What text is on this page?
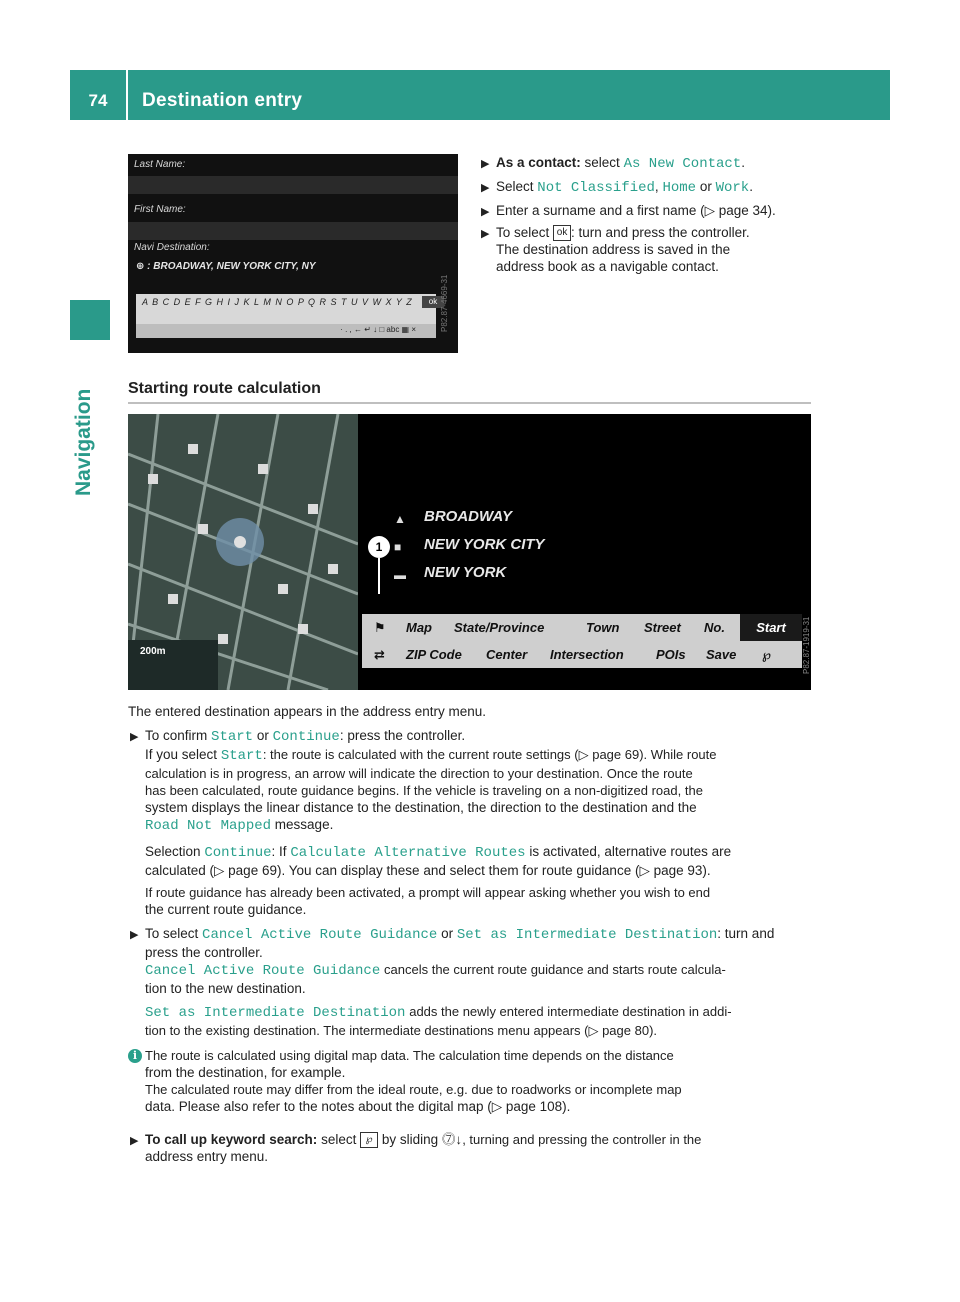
74	Destination entry
Navigation
Last Name:
First Name:
Navi Destination:
⊕ : BROADWAY, NEW YORK CITY, NY
A B C D E F G H I J K L M N O P Q R S T U V W X Y Z	ok
· . , ← ↵ ↓ □ abc ▦ ×	P82.87-4669-31
▶ As a contact: select As New Contact.
▶ Select Not Classified, Home or Work.
▶ Enter a surname and a first name (▷ page 34).
▶ To select ok : turn and press the controller.
The destination address is saved in the
address book as a navigable contact.
Starting route calculation
200m
▲ BROADWAY
■ NEW YORK CITY
▬ NEW YORK
1
⚑ Map State/Province	Town Street No.	Start
⇄ ZIP Code Center Intersection POIs Save ℘	P82.87-1919-31
The entered destination appears in the address entry menu.
▶ To confirm Start or Continue: press the controller.
If you select Start: the route is calculated with the current route settings (▷ page 69). While route
calculation is in progress, an arrow will indicate the direction to your destination. Once the route
has been calculated, route guidance begins. If the vehicle is traveling on a non-digitized road, the
system displays the linear distance to the destination, the direction to the destination and the
Road Not Mapped message.
Selection Continue: If Calculate Alternative Routes is activated, alternative routes are
calculated (▷ page 69). You can display these and select them for route guidance (▷ page 93).
If route guidance has already been activated, a prompt will appear asking whether you wish to end
the current route guidance.
▶ To select Cancel Active Route Guidance or Set as Intermediate Destination: turn and
press the controller.
Cancel Active Route Guidance cancels the current route guidance and starts route calcula-
tion to the new destination.
Set as Intermediate Destination adds the newly entered intermediate destination in addi-
tion to the existing destination. The intermediate destinations menu appears (▷ page 80).
i The route is calculated using digital map data. The calculation time depends on the distance
from the destination, for example.
The calculated route may differ from the ideal route, e.g. due to roadworks or incomplete map
data. Please also refer to the notes about the digital map (▷ page 108).
▶ To call up keyword search: select ℘ by sliding ⓻↓, turning and pressing the controller in the
address entry menu.
